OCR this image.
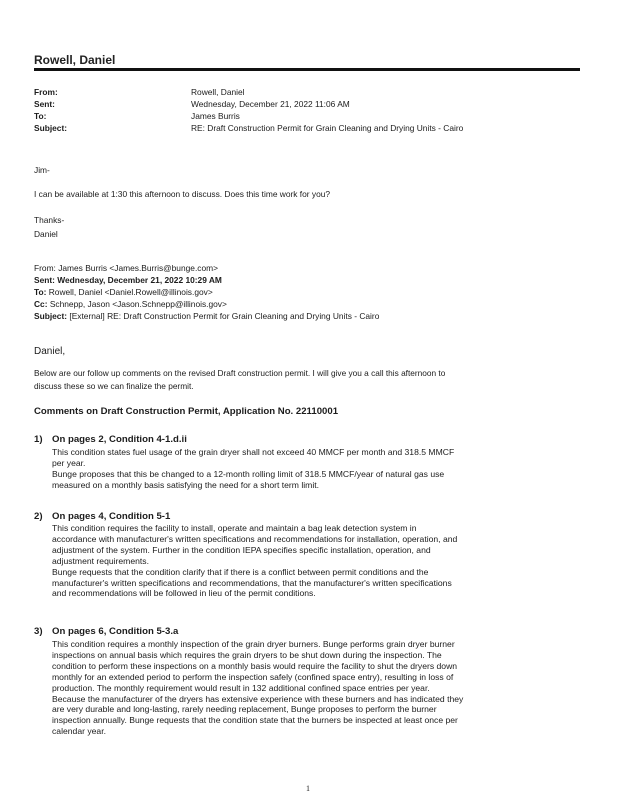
Rowell, Daniel
From:	Rowell, Daniel
Sent:	Wednesday, December 21, 2022 11:06 AM
To:	James Burris
Subject:	RE: Draft Construction Permit for Grain Cleaning and Drying Units - Cairo
Jim-
I can be available at 1:30 this afternoon to discuss. Does this time work for you?
Thanks-
Daniel
From: James Burris <James.Burris@bunge.com>
Sent: Wednesday, December 21, 2022 10:29 AM
To: Rowell, Daniel <Daniel.Rowell@illinois.gov>
Cc: Schnepp, Jason <Jason.Schnepp@illinois.gov>
Subject: [External] RE: Draft Construction Permit for Grain Cleaning and Drying Units - Cairo
Daniel,
Below are our follow up comments on the revised Draft construction permit. I will give you a call this afternoon to
discuss these so we can finalize the permit.
Comments on Draft Construction Permit, Application No. 22110001
1) On pages 2, Condition 4-1.d.ii
This condition states fuel usage of the grain dryer shall not exceed 40 MMCF per month and 318.5 MMCF
per year.
Bunge proposes that this be changed to a 12-month rolling limit of 318.5 MMCF/year of natural gas use
measured on a monthly basis satisfying the need for a short term limit.
2) On pages 4, Condition 5-1
This condition requires the facility to install, operate and maintain a bag leak detection system in
accordance with manufacturer's written specifications and recommendations for installation, operation, and
adjustment of the system. Further in the condition IEPA specifies specific installation, operation, and
adjustment requirements.
Bunge requests that the condition clarify that if there is a conflict between permit conditions and the
manufacturer's written specifications and recommendations, that the manufacturer's written specifications
and recommendations will be followed in lieu of the permit conditions.
3) On pages 6, Condition 5-3.a
This condition requires a monthly inspection of the grain dryer burners. Bunge performs grain dryer burner
inspections on annual basis which requires the grain dryers to be shut down during the inspection. The
condition to perform these inspections on a monthly basis would require the facility to shut the dryers down
monthly for an extended period to perform the inspection safely (confined space entry), resulting in loss of
production. The monthly requirement would result in 132 additional confined space entries per year.
Because the manufacturer of the dryers has extensive experience with these burners and has indicated they
are very durable and long-lasting, rarely needing replacement, Bunge proposes to perform the burner
inspection annually. Bunge requests that the condition state that the burners be inspected at least once per
calendar year.
1
